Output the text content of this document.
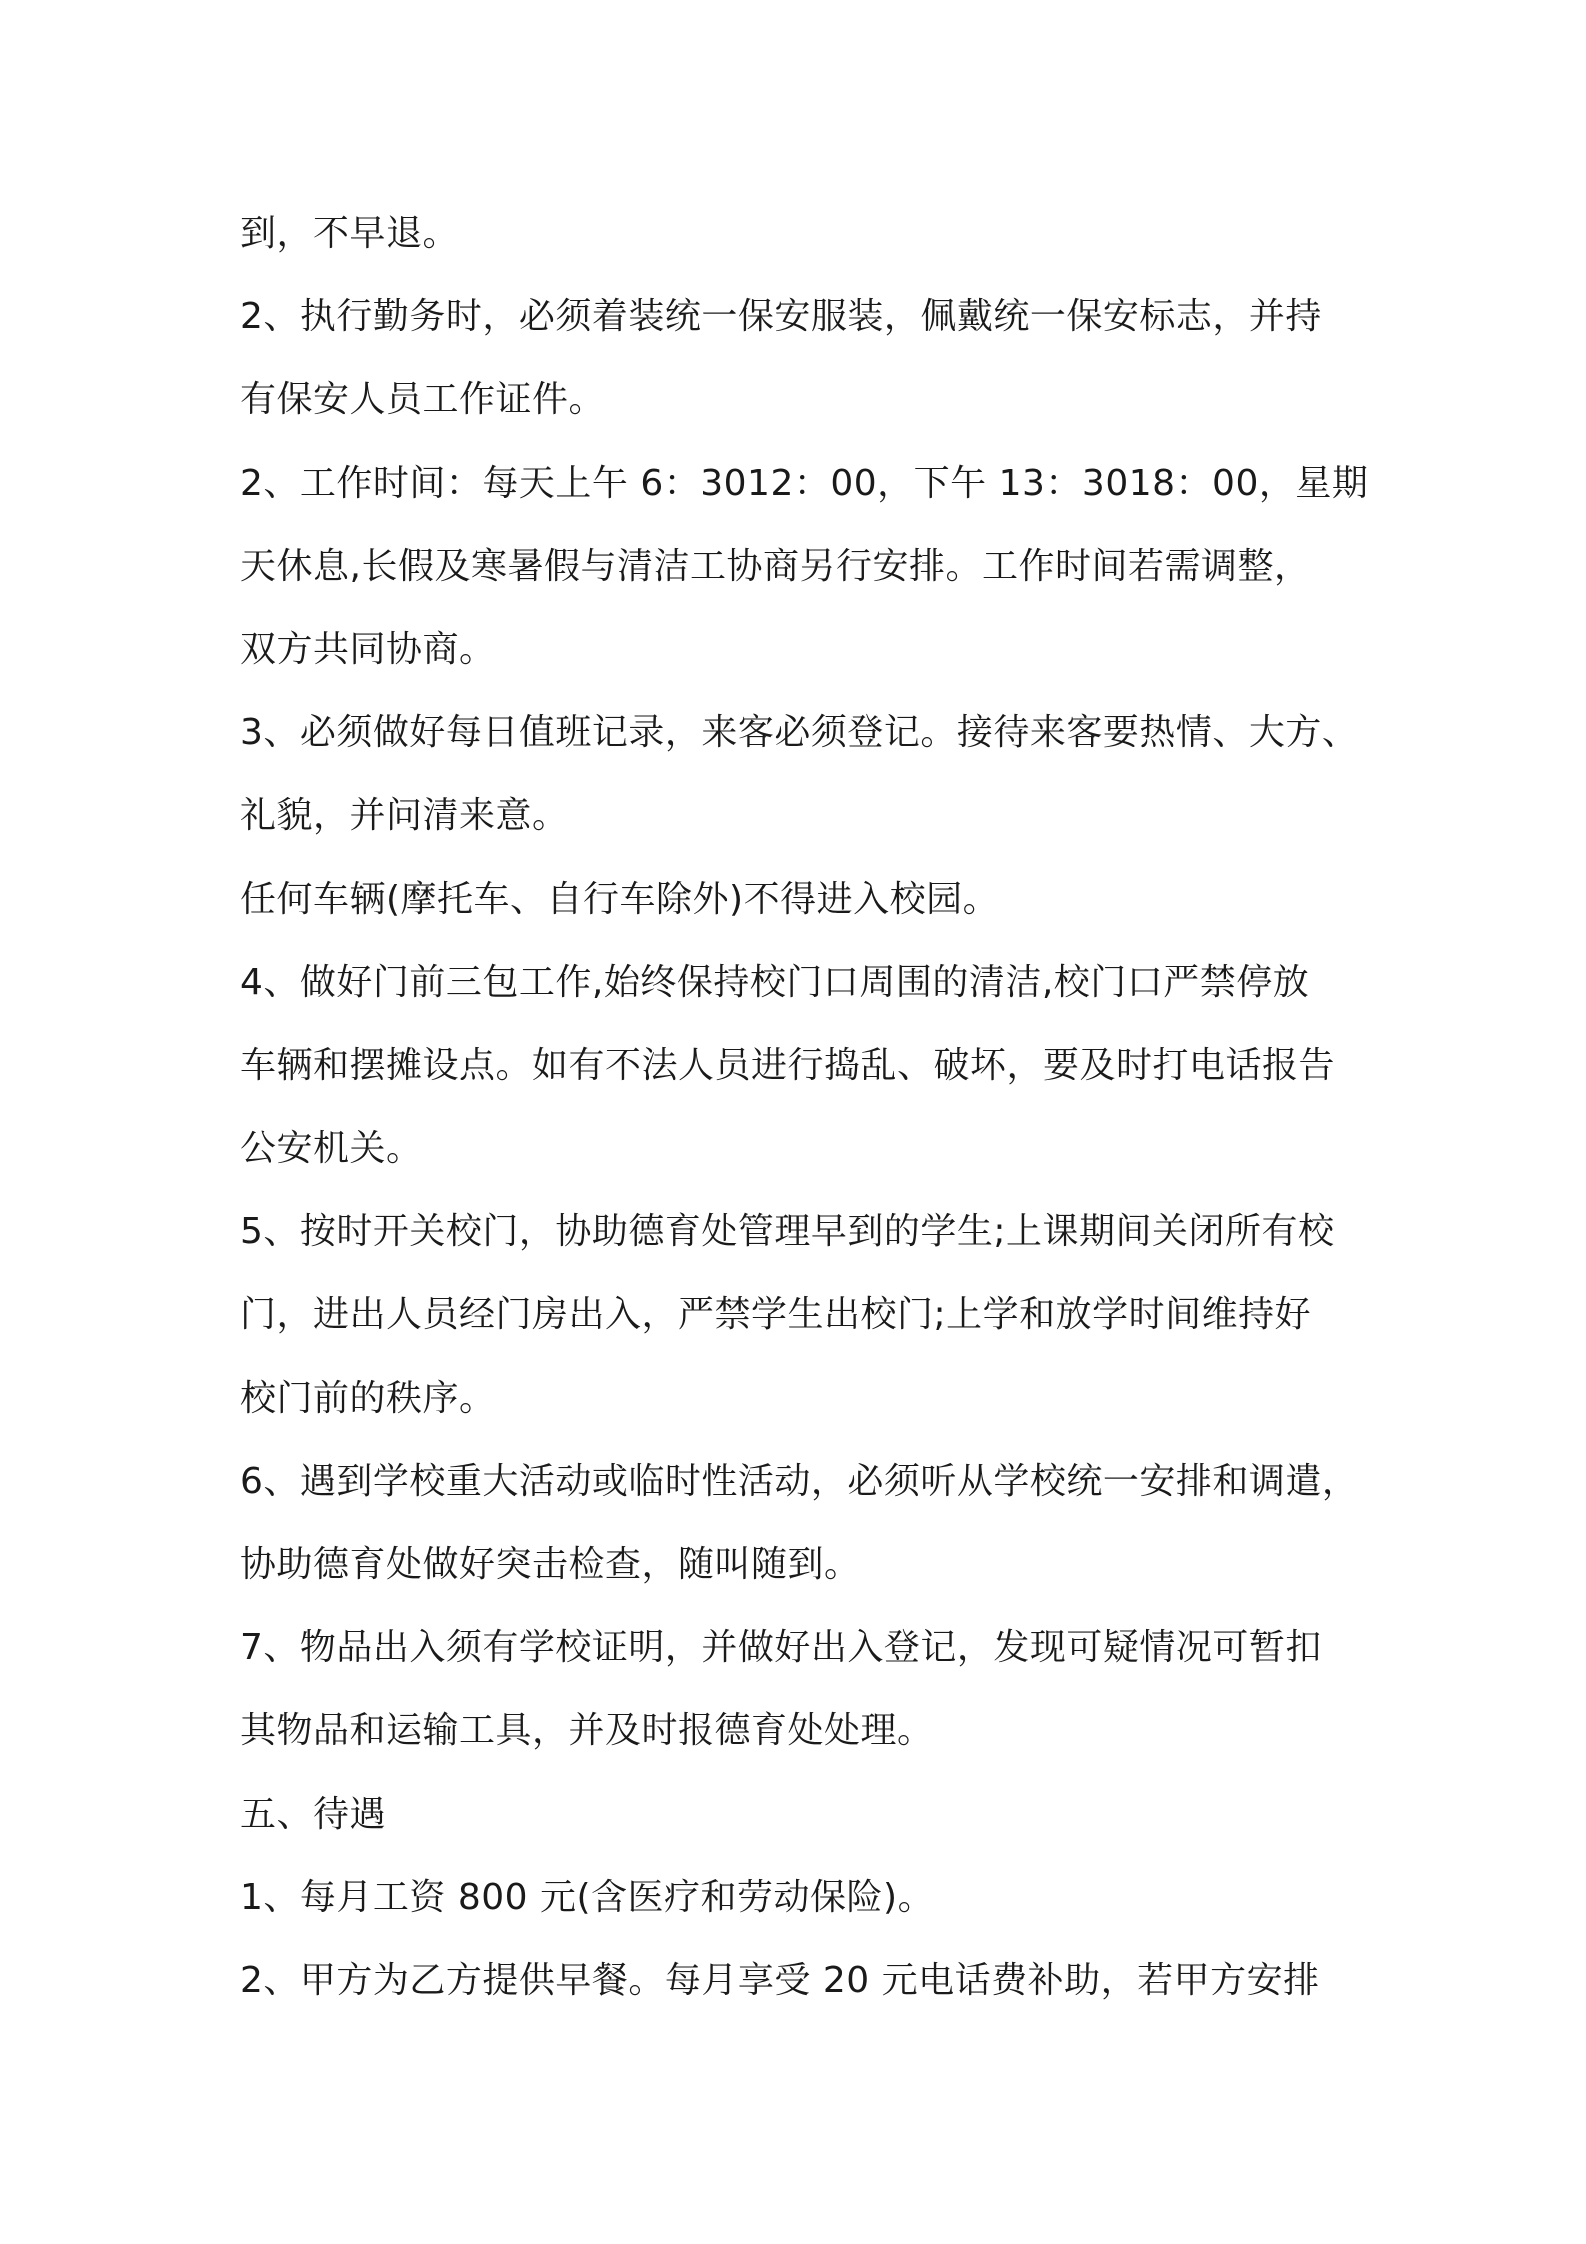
到，不早退。
2、执行勤务时，必须着装统一保安服装，佩戴统一保安标志，并持
有保安人员工作证件。
2、工作时间：每天上午 6：3012：00，下午 13：3018：00，星期
天休息,长假及寒暑假与清洁工协商另行安排。工作时间若需调整，
双方共同协商。
3、必须做好每日值班记录，来客必须登记。接待来客要热情、大方、
礼貌，并问清来意。
任何车辆(摩托车、自行车除外)不得进入校园。
4、做好门前三包工作,始终保持校门口周围的清洁,校门口严禁停放
车辆和摆摊设点。如有不法人员进行捣乱、破坏，要及时打电话报告
公安机关。
5、按时开关校门，协助德育处管理早到的学生;上课期间关闭所有校
门，进出人员经门房出入，严禁学生出校门;上学和放学时间维持好
校门前的秩序。
6、遇到学校重大活动或临时性活动，必须听从学校统一安排和调遣，
协助德育处做好突击检查，随叫随到。
7、物品出入须有学校证明，并做好出入登记，发现可疑情况可暂扣
其物品和运输工具，并及时报德育处处理。
五、待遇
1、每月工资 800 元(含医疗和劳动保险)。
2、甲方为乙方提供早餐。每月享受 20 元电话费补助，若甲方安排
